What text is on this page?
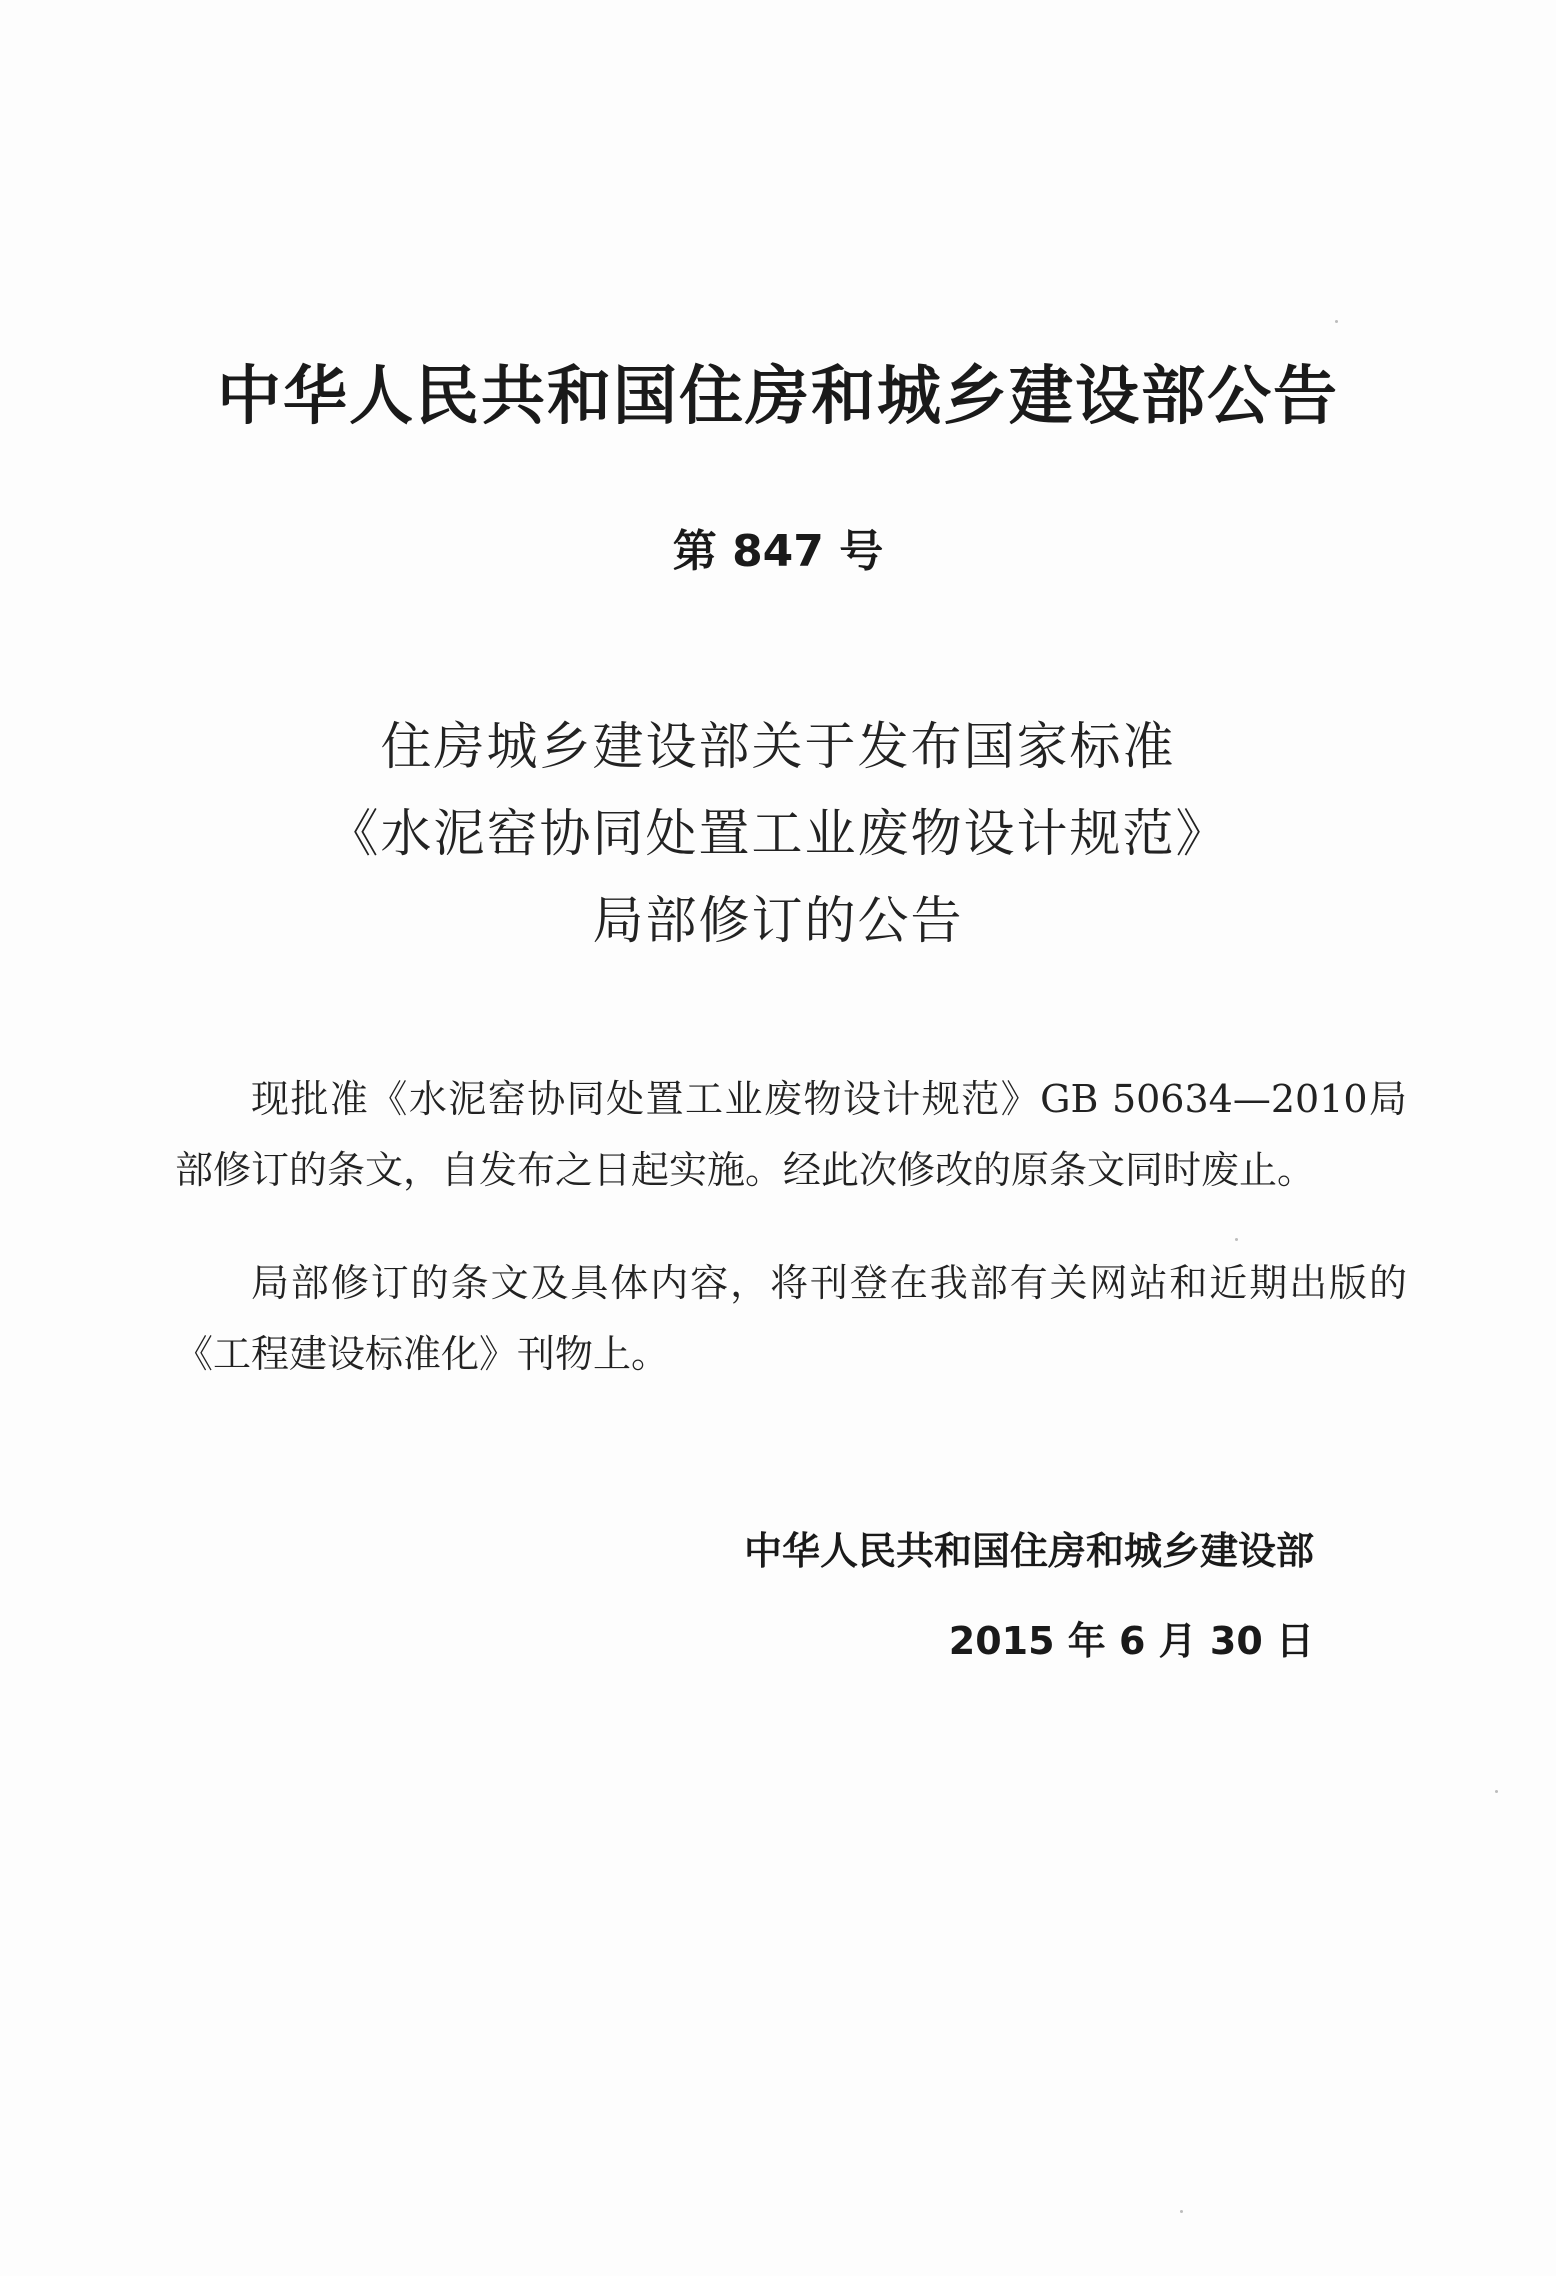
中华人民共和国住房和城乡建设部公告
第 847 号
住房城乡建设部关于发布国家标准
《水泥窑协同处置工业废物设计规范》
局部修订的公告

现批准《水泥窑协同处置工业废物设计规范》GB 50634—2010局部修订的条文，自发布之日起实施。经此次修改的原条文同时废止。

局部修订的条文及具体内容，将刊登在我部有关网站和近期出版的《工程建设标准化》刊物上。

中华人民共和国住房和城乡建设部
2015 年 6 月 30 日
